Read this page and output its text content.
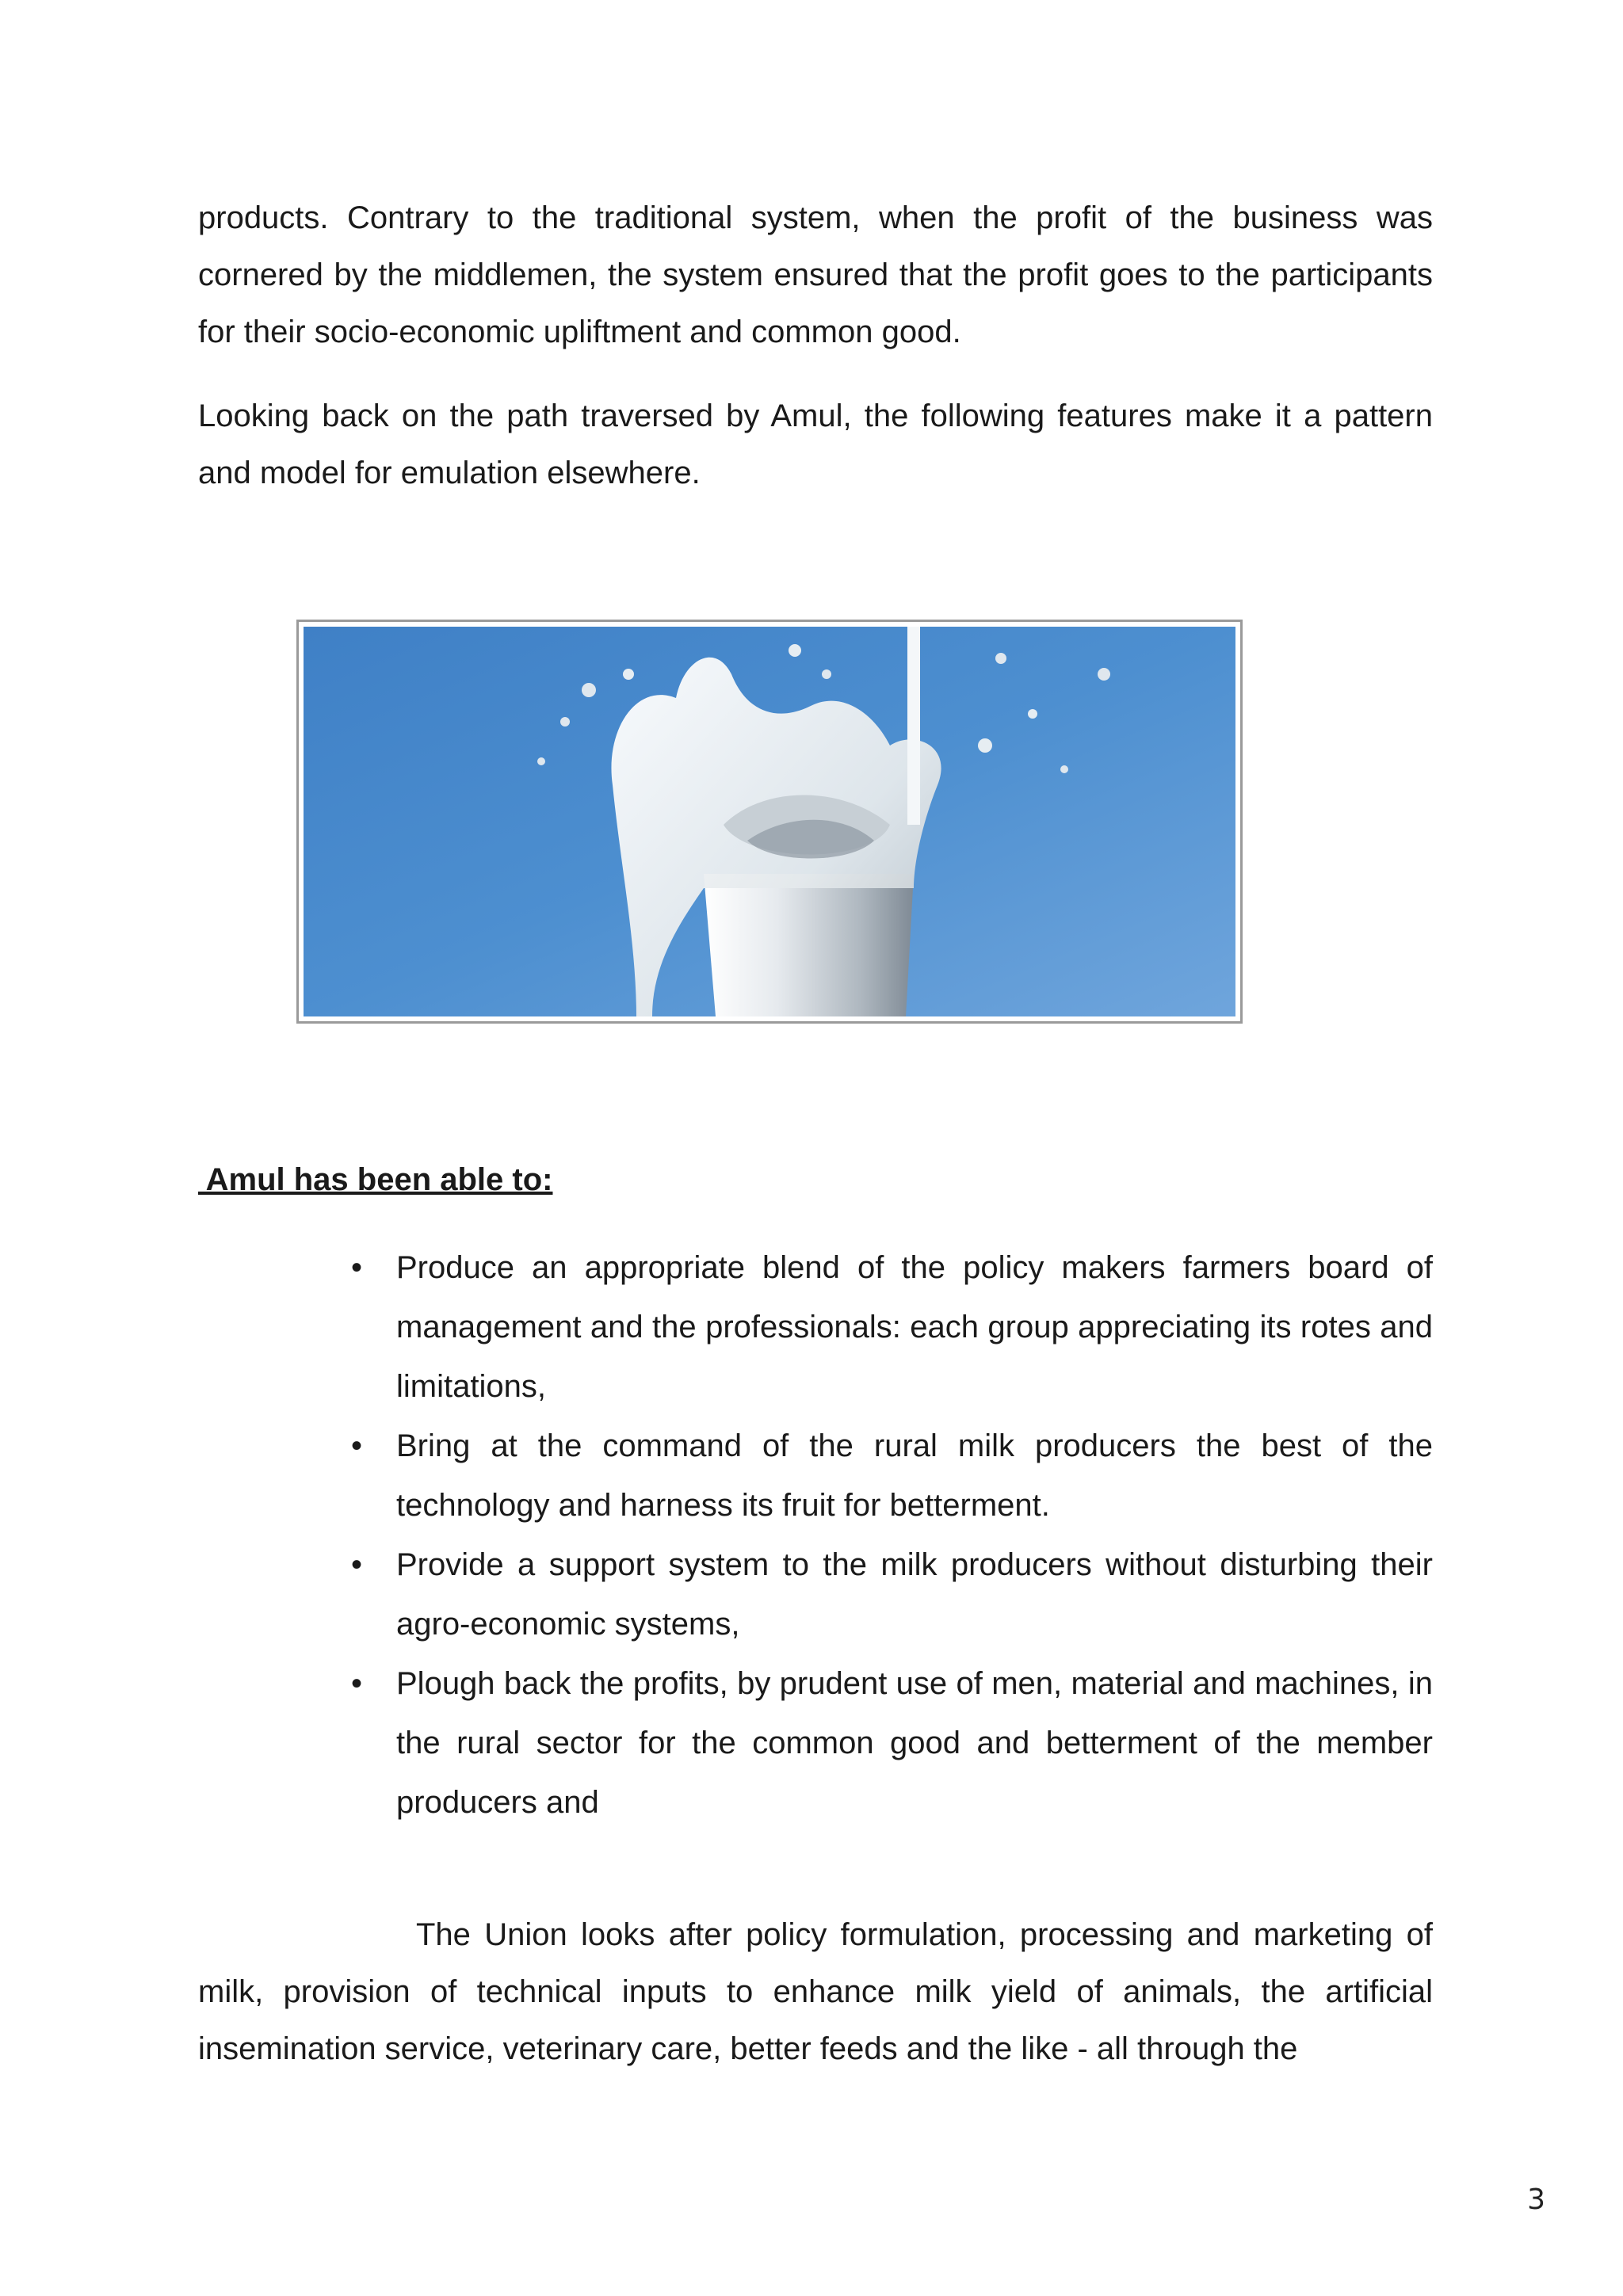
products. Contrary to the traditional system, when the profit of the business was cornered by the middlemen, the system ensured that the profit goes to the participants for their socio-economic upliftment and common good.

Looking back on the path traversed by Amul, the following features make it a pattern and model for emulation elsewhere.

Amul has been able to:

• Produce an appropriate blend of the policy makers farmers board of management and the professionals: each group appreciating its rotes and limitations,
• Bring at the command of the rural milk producers the best of the technology and harness its fruit for betterment.
• Provide a support system to the milk producers without disturbing their agro-economic systems,
• Plough back the profits, by prudent use of men, material and machines, in the rural sector for the common good and betterment of the member producers and

The Union looks after policy formulation, processing and marketing of milk, provision of technical inputs to enhance milk yield of animals, the artificial insemination service, veterinary care, better feeds and the like - all through the

3
